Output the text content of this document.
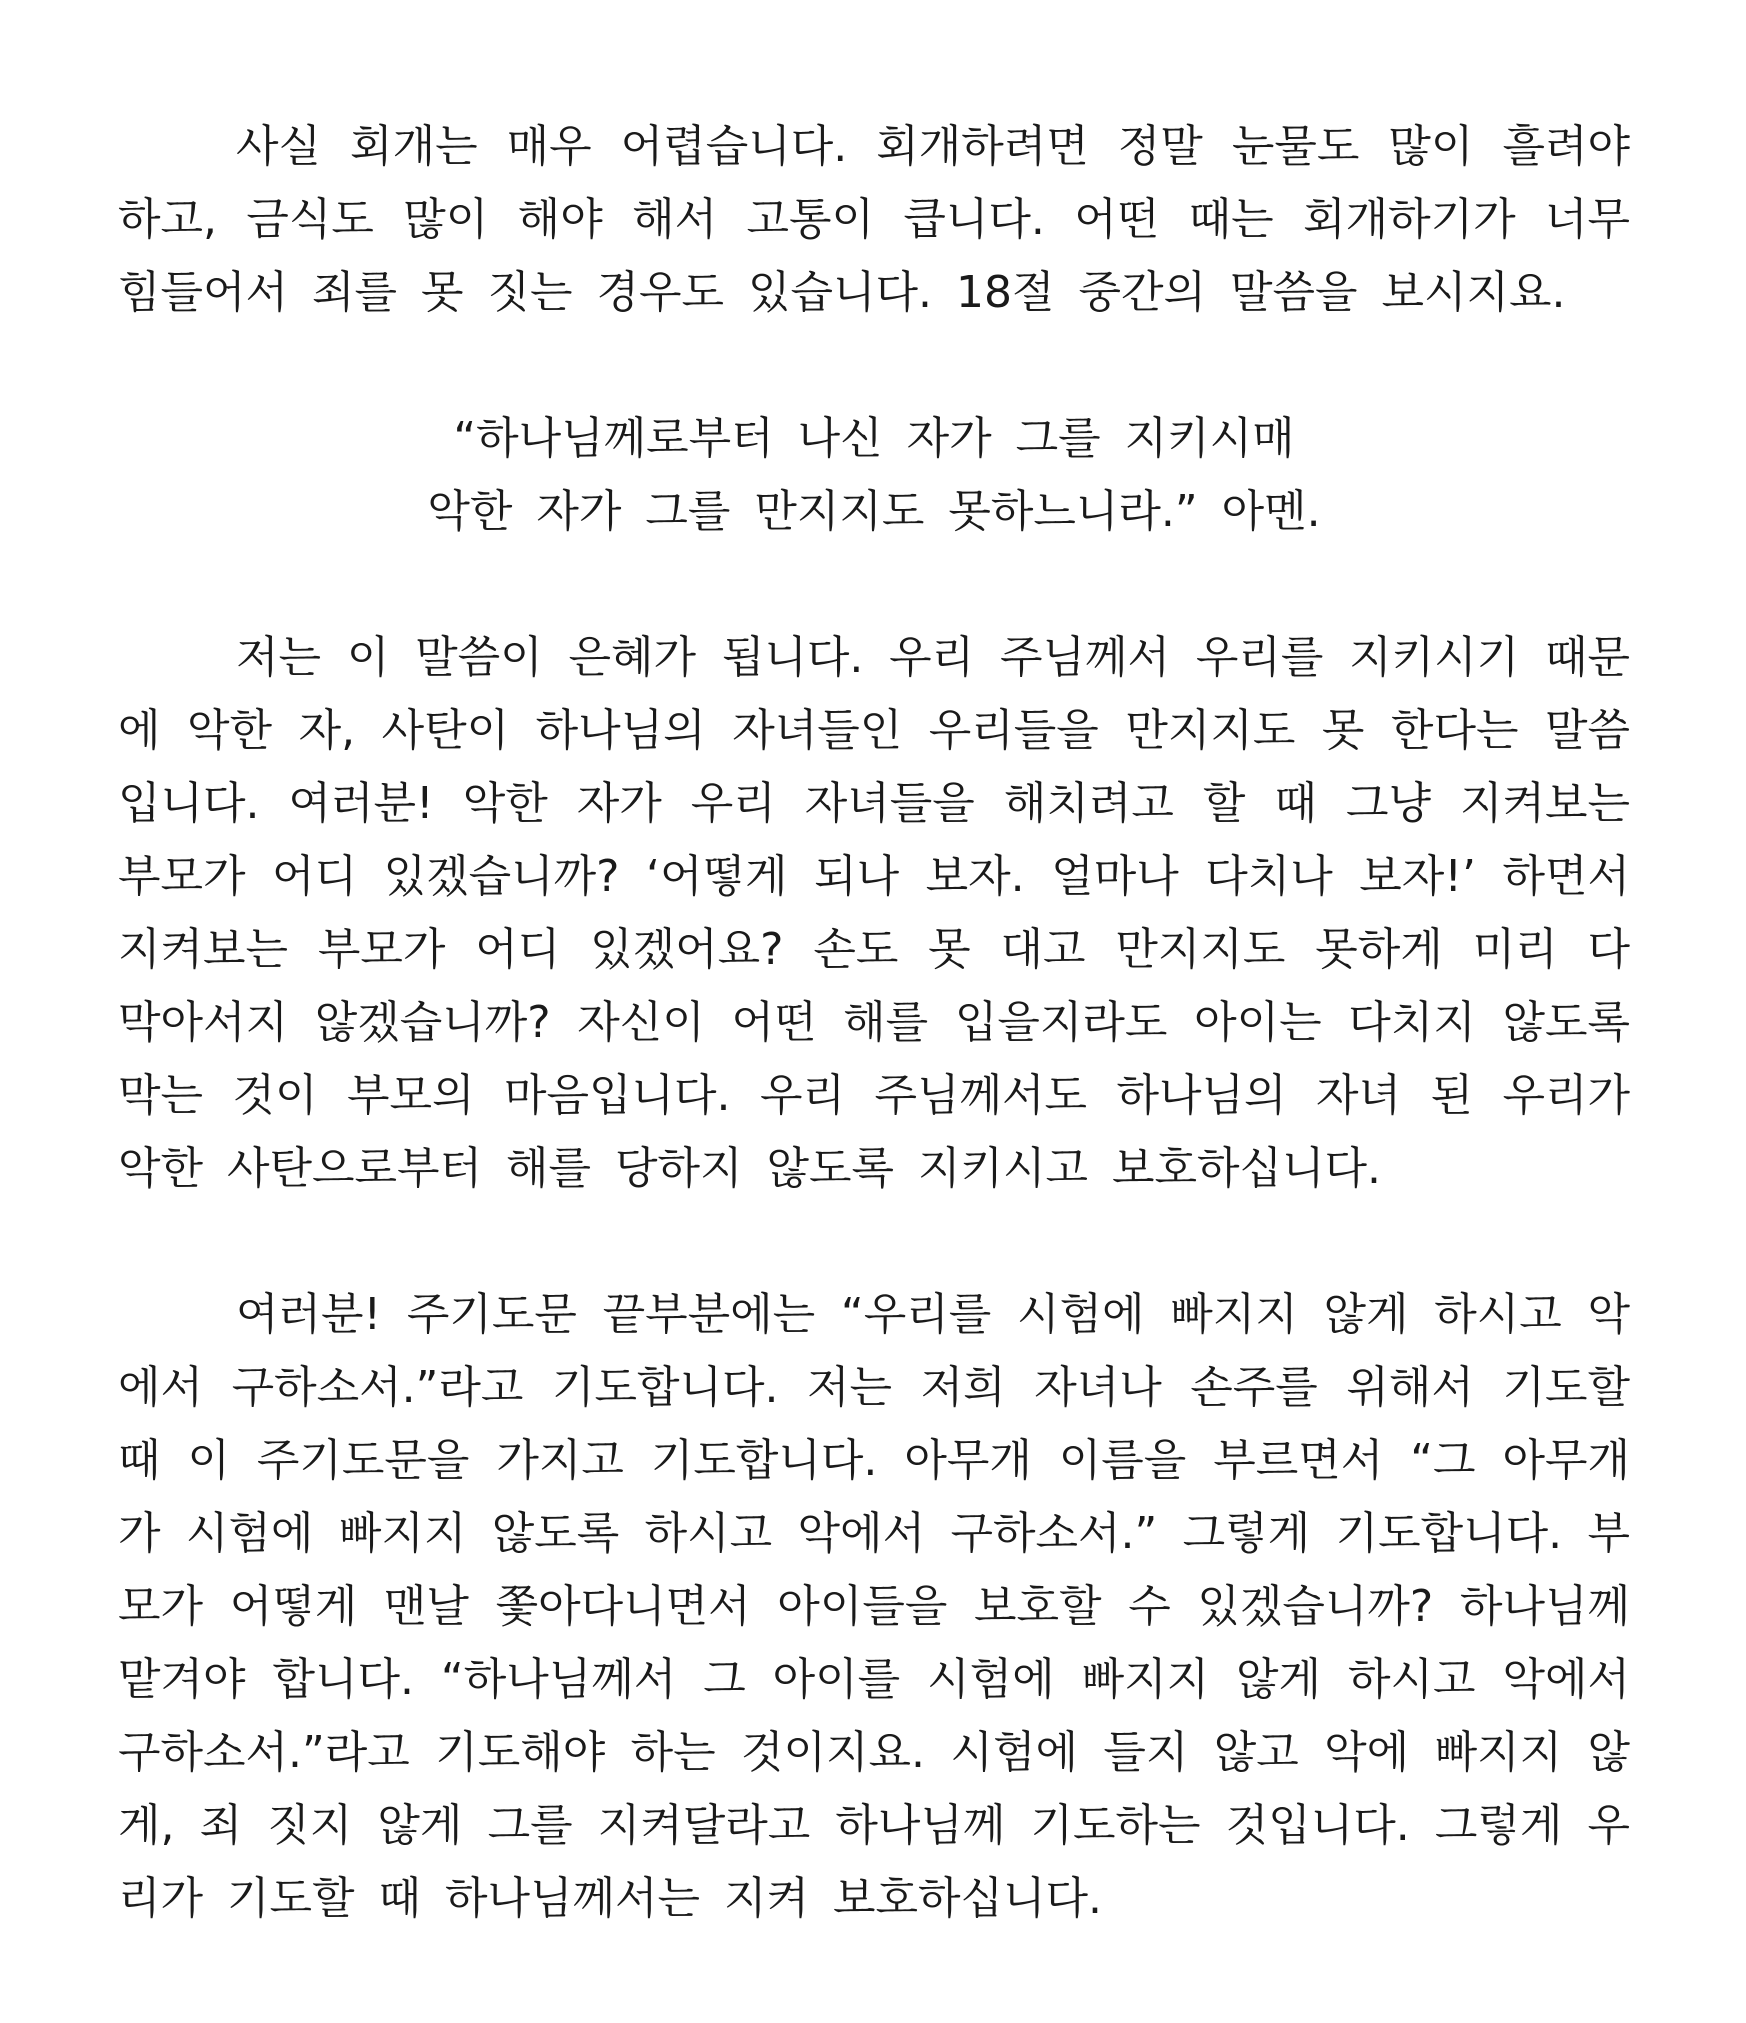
사실 회개는 매우 어렵습니다. 회개하려면 정말 눈물도 많이 흘려야
하고, 금식도 많이 해야 해서 고통이 큽니다. 어떤 때는 회개하기가 너무
힘들어서 죄를 못 짓는 경우도 있습니다. 18절 중간의 말씀을 보시지요.
“하나님께로부터 나신 자가 그를 지키시매
악한 자가 그를 만지지도 못하느니라.” 아멘.
저는 이 말씀이 은혜가 됩니다. 우리 주님께서 우리를 지키시기 때문
에 악한 자, 사탄이 하나님의 자녀들인 우리들을 만지지도 못 한다는 말씀
입니다. 여러분! 악한 자가 우리 자녀들을 해치려고 할 때 그냥 지켜보는
부모가 어디 있겠습니까? ‘어떻게 되나 보자. 얼마나 다치나 보자!’ 하면서
지켜보는 부모가 어디 있겠어요? 손도 못 대고 만지지도 못하게 미리 다
막아서지 않겠습니까? 자신이 어떤 해를 입을지라도 아이는 다치지 않도록
막는 것이 부모의 마음입니다. 우리 주님께서도 하나님의 자녀 된 우리가
악한 사탄으로부터 해를 당하지 않도록 지키시고 보호하십니다.
여러분! 주기도문 끝부분에는 “우리를 시험에 빠지지 않게 하시고 악
에서 구하소서.”라고 기도합니다. 저는 저희 자녀나 손주를 위해서 기도할
때 이 주기도문을 가지고 기도합니다. 아무개 이름을 부르면서 “그 아무개
가 시험에 빠지지 않도록 하시고 악에서 구하소서.” 그렇게 기도합니다. 부
모가 어떻게 맨날 쫓아다니면서 아이들을 보호할 수 있겠습니까? 하나님께
맡겨야 합니다. “하나님께서 그 아이를 시험에 빠지지 않게 하시고 악에서
구하소서.”라고 기도해야 하는 것이지요. 시험에 들지 않고 악에 빠지지 않
게, 죄 짓지 않게 그를 지켜달라고 하나님께 기도하는 것입니다. 그렇게 우
리가 기도할 때 하나님께서는 지켜 보호하십니다.
